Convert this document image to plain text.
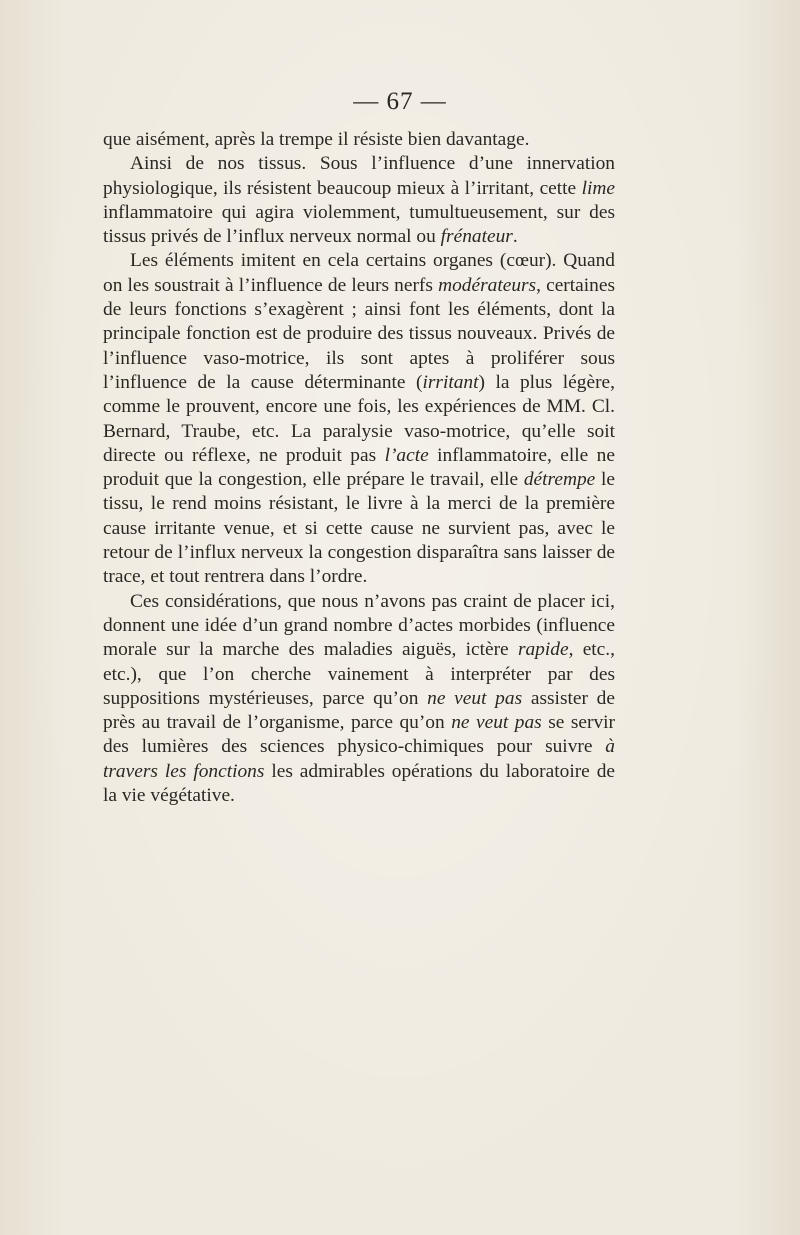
— 67 —

que aisément, après la trempe il résiste bien davantage.

Ainsi de nos tissus. Sous l’influence d’une innervation physiologique, ils résistent beaucoup mieux à l’irritant, cette lime inflammatoire qui agira violemment, tumultueusement, sur des tissus privés de l’influx nerveux normal ou frénateur.

Les éléments imitent en cela certains organes (cœur). Quand on les soustrait à l’influence de leurs nerfs modérateurs, certaines de leurs fonctions s’exagèrent ; ainsi font les éléments, dont la principale fonction est de produire des tissus nouveaux. Privés de l’influence vaso-motrice, ils sont aptes à proliférer sous l’influence de la cause déterminante (irritant) la plus légère, comme le prouvent, encore une fois, les expériences de MM. Cl. Bernard, Traube, etc. La paralysie vaso-motrice, qu’elle soit directe ou réflexe, ne produit pas l’acte inflammatoire, elle ne produit que la congestion, elle prépare le travail, elle détrempe le tissu, le rend moins résistant, le livre à la merci de la première cause irritante venue, et si cette cause ne survient pas, avec le retour de l’influx nerveux la congestion disparaîtra sans laisser de trace, et tout rentrera dans l’ordre.

Ces considérations, que nous n’avons pas craint de placer ici, donnent une idée d’un grand nombre d’actes morbides (influence morale sur la marche des maladies aiguës, ictère rapide, etc., etc.), que l’on cherche vainement à interpréter par des suppositions mystérieuses, parce qu’on ne veut pas assister de près au travail de l’organisme, parce qu’on ne veut pas se servir des lumières des sciences physico-chimiques pour suivre à travers les fonctions les admirables opérations du laboratoire de la vie végétative.
